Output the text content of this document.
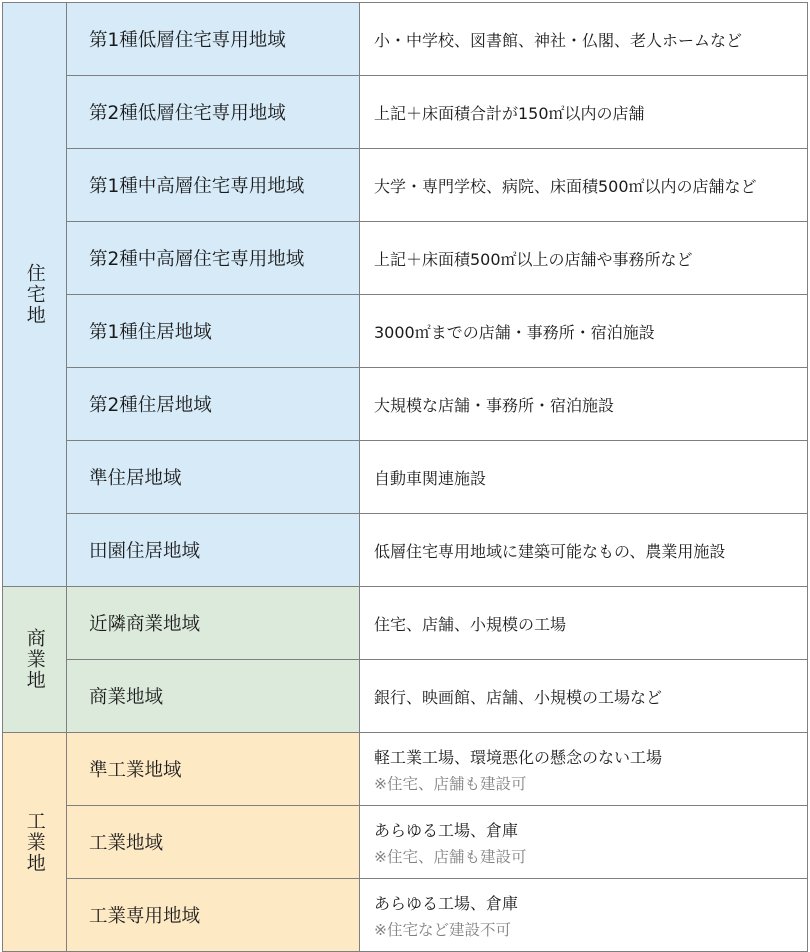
住宅地	第1種低層住宅専用地域	小・中学校、図書館、神社・仏閣、老人ホームなど
	第2種低層住宅専用地域	上記＋床面積合計が150㎡以内の店舗
	第1種中高層住宅専用地域	大学・専門学校、病院、床面積500㎡以内の店舗など
	第2種中高層住宅専用地域	上記＋床面積500㎡以上の店舗や事務所など
	第1種住居地域	3000㎡までの店舗・事務所・宿泊施設
	第2種住居地域	大規模な店舗・事務所・宿泊施設
	準住居地域	自動車関連施設
	田園住居地域	低層住宅専用地域に建築可能なもの、農業用施設
商業地	近隣商業地域	住宅、店舗、小規模の工場
	商業地域	銀行、映画館、店舗、小規模の工場など
工業地	準工業地域	軽工業工場、環境悪化の懸念のない工場
※住宅、店舗も建設可

	工業地域	あらゆる工場、倉庫
※住宅、店舗も建設可

	工業専用地域	あらゆる工場、倉庫
※住宅など建設不可
